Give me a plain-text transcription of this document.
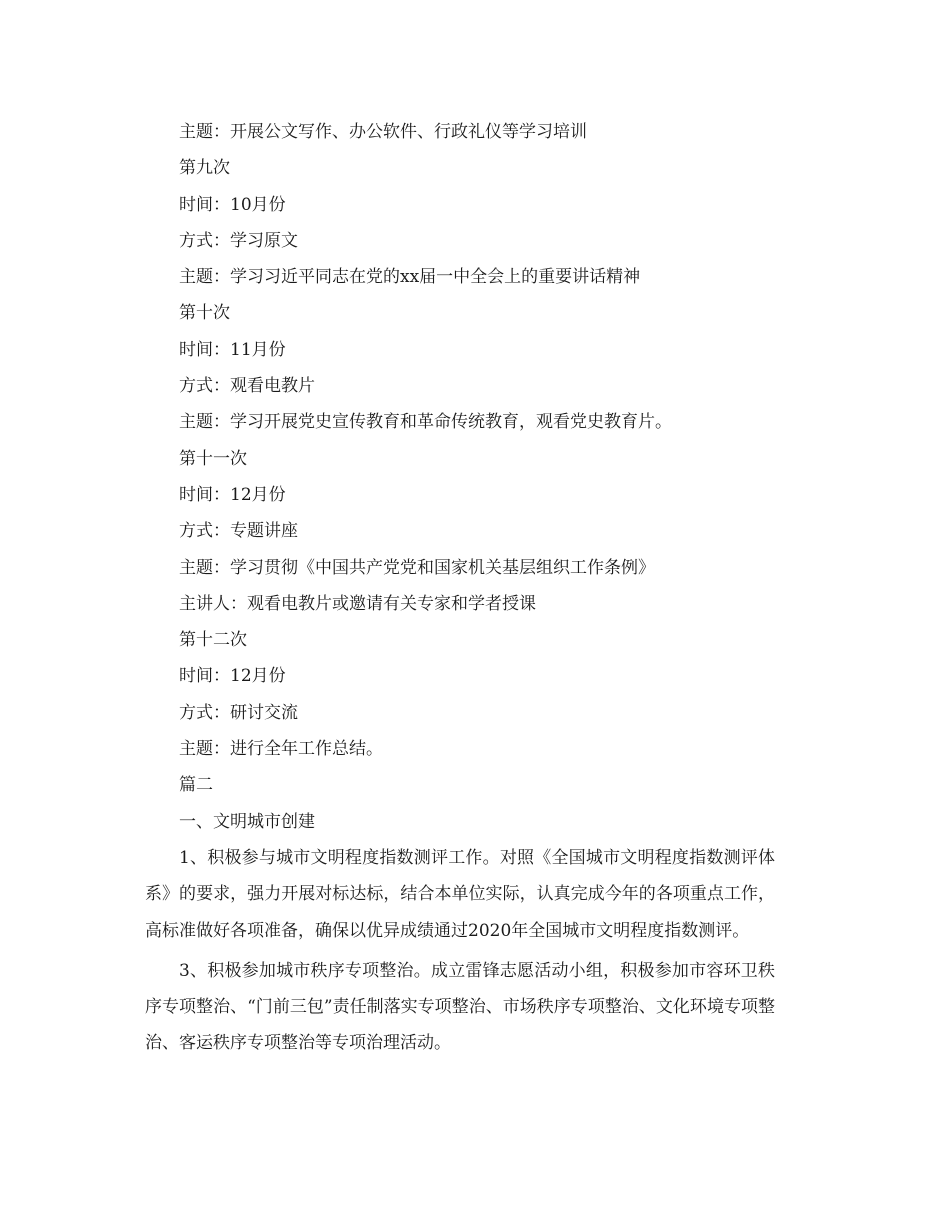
主题：开展公文写作、办公软件、行政礼仪等学习培训

第九次

时间：10月份

方式：学习原文

主题：学习习近平同志在党的xx届一中全会上的重要讲话精神

第十次

时间：11月份

方式：观看电教片

主题：学习开展党史宣传教育和革命传统教育，观看党史教育片。

第十一次

时间：12月份

方式：专题讲座

主题：学习贯彻《中国共产党党和国家机关基层组织工作条例》

主讲人：观看电教片或邀请有关专家和学者授课

第十二次

时间：12月份

方式：研讨交流

主题：进行全年工作总结。

篇二

一、文明城市创建

1、积极参与城市文明程度指数测评工作。对照《全国城市文明程度指数测评体系》的要求，强力开展对标达标，结合本单位实际，认真完成今年的各项重点工作，高标准做好各项准备，确保以优异成绩通过2020年全国城市文明程度指数测评。

3、积极参加城市秩序专项整治。成立雷锋志愿活动小组，积极参加市容环卫秩序专项整治、“门前三包”责任制落实专项整治、市场秩序专项整治、文化环境专项整治、客运秩序专项整治等专项治理活动。
